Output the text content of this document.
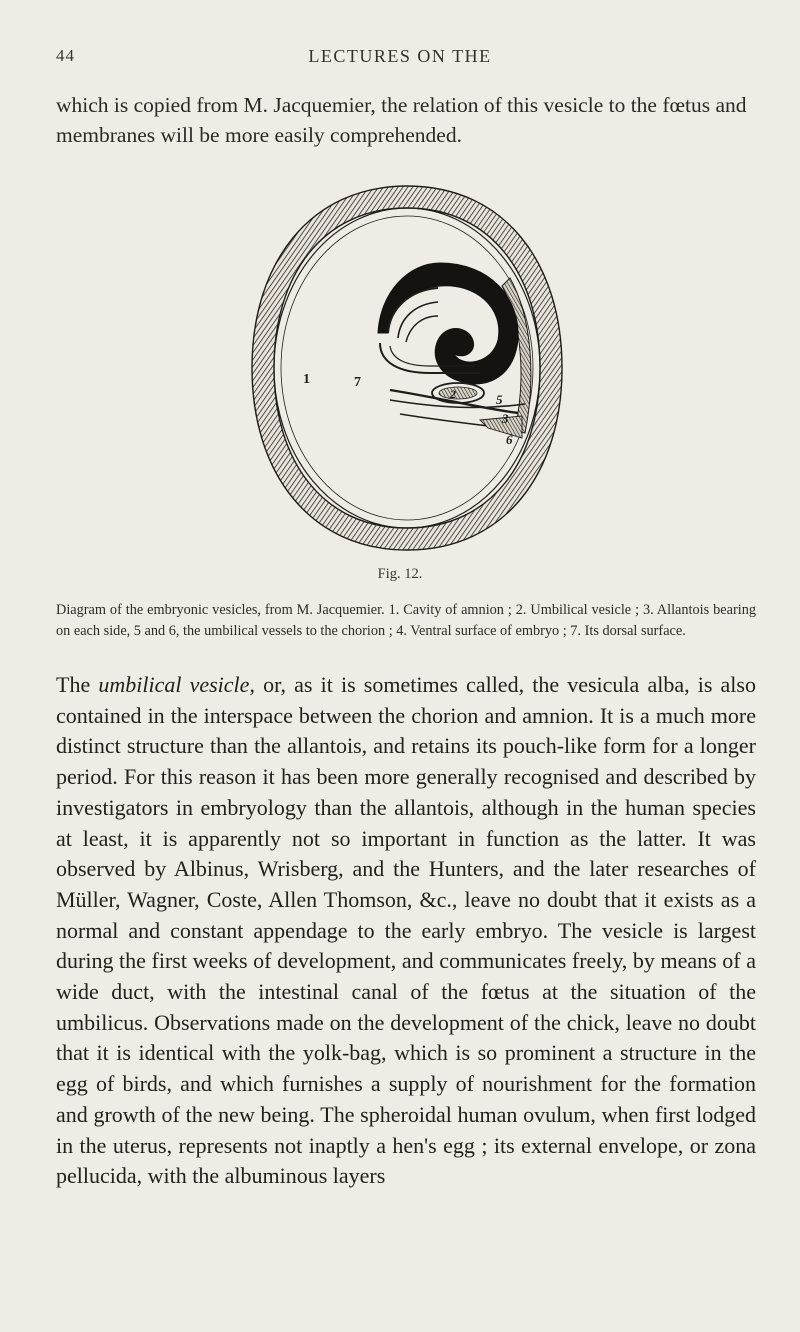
44	LECTURES ON THE

which is copied from M. Jacquemier, the relation of this vesicle to the fœtus and membranes will be more easily comprehended.

1	7
2	5
3
6
Fig. 12.

Diagram of the embryonic vesicles, from M. Jacquemier. 1. Cavity of amnion ; 2. Umbilical vesicle ; 3. Allantois bearing on each side, 5 and 6, the umbilical vessels to the chorion ; 4. Ventral surface of embryo ; 7. Its dorsal surface.

The umbilical vesicle, or, as it is sometimes called, the vesicula alba, is also contained in the interspace between the chorion and amnion. It is a much more distinct structure than the allantois, and retains its pouch-like form for a longer period. For this reason it has been more generally recognised and described by investigators in embryology than the allantois, although in the human species at least, it is apparently not so important in function as the latter. It was observed by Albinus, Wrisberg, and the Hunters, and the later researches of Müller, Wagner, Coste, Allen Thomson, &c., leave no doubt that it exists as a normal and constant appendage to the early embryo. The vesicle is largest during the first weeks of development, and communicates freely, by means of a wide duct, with the intestinal canal of the fœtus at the situation of the umbilicus. Observations made on the development of the chick, leave no doubt that it is identical with the yolk-bag, which is so prominent a structure in the egg of birds, and which furnishes a supply of nourishment for the formation and growth of the new being. The spheroidal human ovulum, when first lodged in the uterus, represents not inaptly a hen's egg ; its external envelope, or zona pellucida, with the albuminous layers
